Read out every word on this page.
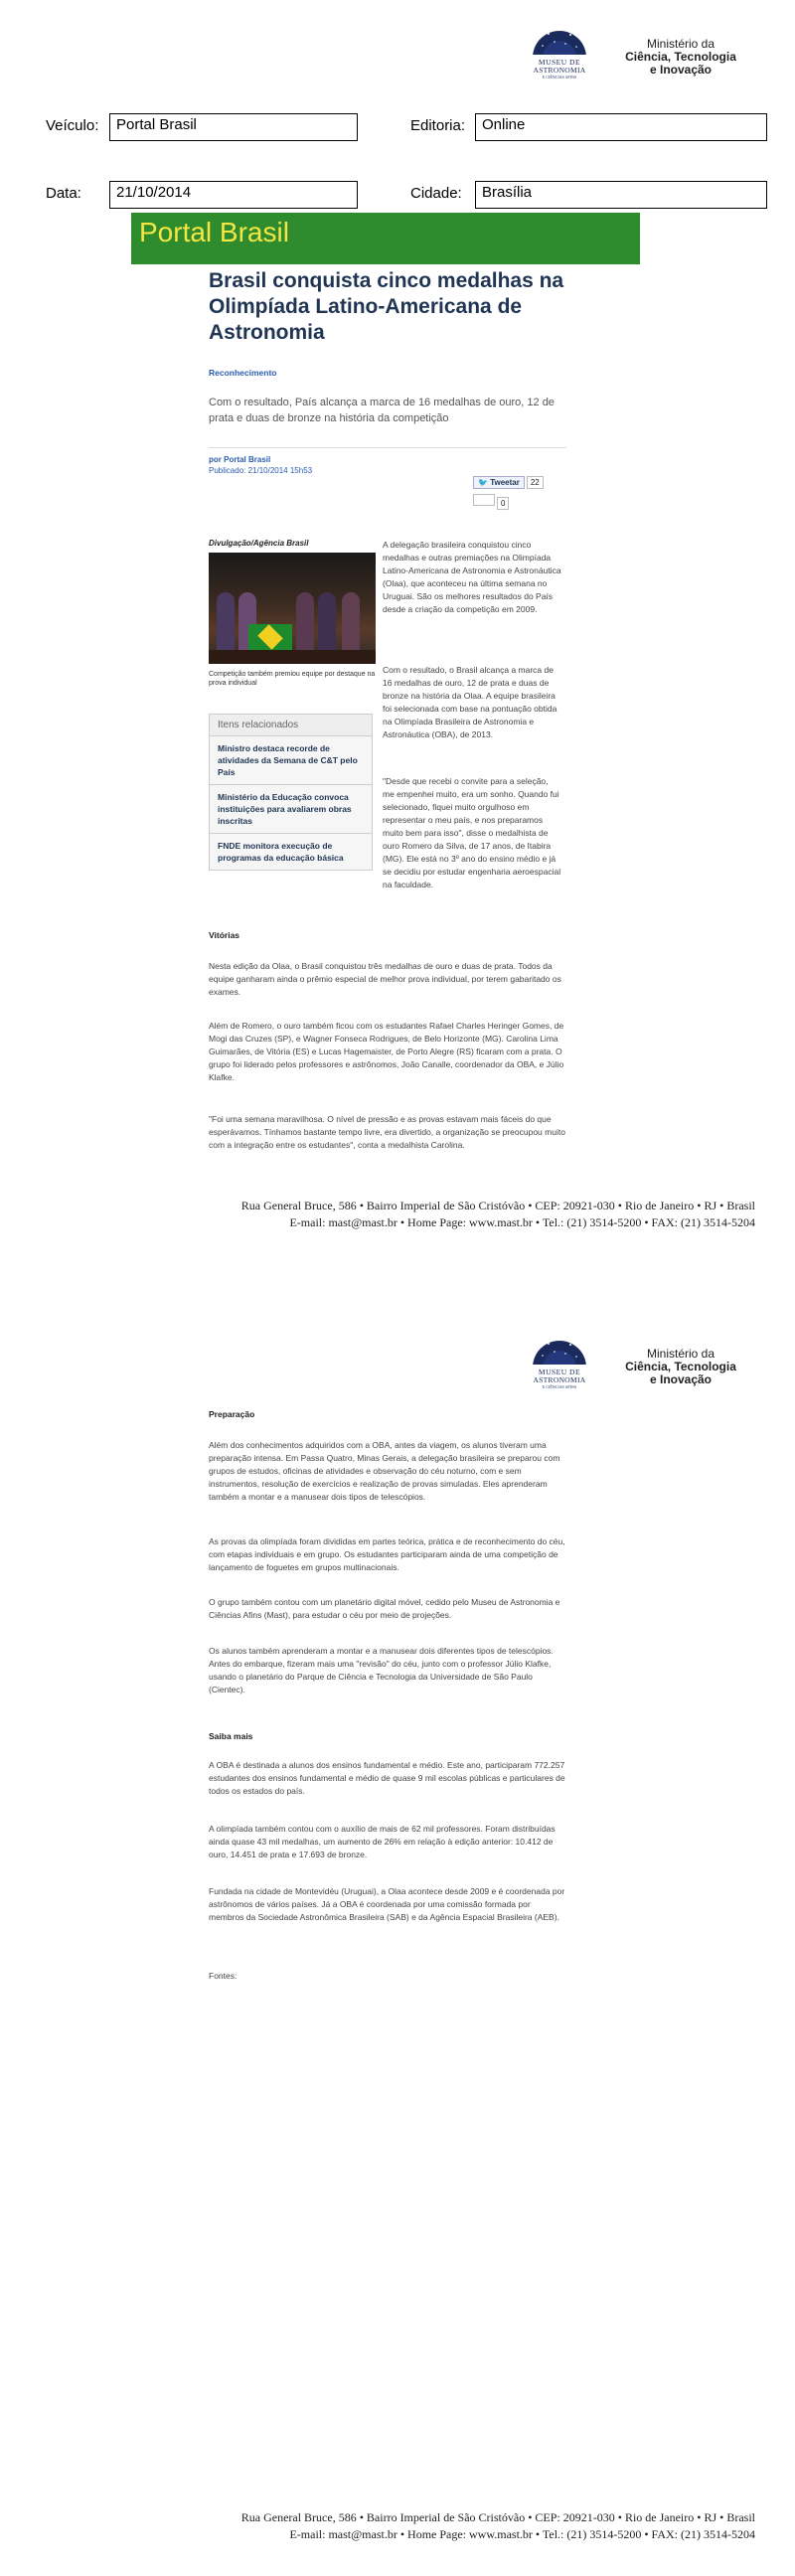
MUSEU DE
ASTRONOMIA
E CIÊNCIAS AFINS
Ministério da
Ciência, Tecnologia
e Inovação
Veículo:	Portal Brasil	Editoria:	Online
Data:	21/10/2014	Cidade:	Brasília
Portal Brasil
Brasil conquista cinco medalhas na Olimpíada Latino-Americana de Astronomia
Reconhecimento
Com o resultado, País alcança a marca de 16 medalhas de ouro, 12 de prata e duas de bronze na história da competição
por Portal Brasil
Publicado: 21/10/2014 15h53
🐦 Tweetar 22
0
Divulgação/Agência Brasil
Competição também premiou equipe por destaque na prova individual
Itens relacionados
Ministro destaca recorde de atividades da Semana de C&T pelo País
Ministério da Educação convoca instituições para avaliarem obras inscritas
FNDE monitora execução de programas da educação básica
A delegação brasileira conquistou cinco medalhas e outras premiações na Olimpíada Latino-Americana de Astronomia e Astronáutica (Olaa), que aconteceu na última semana no Uruguai. São os melhores resultados do País desde a criação da competição em 2009.
Com o resultado, o Brasil alcança a marca de 16 medalhas de ouro, 12 de prata e duas de bronze na história da Olaa. A equipe brasileira foi selecionada com base na pontuação obtida na Olimpíada Brasileira de Astronomia e Astronáutica (OBA), de 2013.
"Desde que recebi o convite para a seleção, me empenhei muito, era um sonho. Quando fui selecionado, fiquei muito orgulhoso em representar o meu país, e nos preparamos muito bem para isso", disse o medalhista de ouro Romero da Silva, de 17 anos, de Itabira (MG). Ele está no 3º ano do ensino médio e já se decidiu por estudar engenharia aeroespacial na faculdade.
Vitórias
Nesta edição da Olaa, o Brasil conquistou três medalhas de ouro e duas de prata. Todos da equipe ganharam ainda o prêmio especial de melhor prova individual, por terem gabaritado os exames.
Além de Romero, o ouro também ficou com os estudantes Rafael Charles Heringer Gomes, de Mogi das Cruzes (SP), e Wagner Fonseca Rodrigues, de Belo Horizonte (MG). Carolina Lima Guimarães, de Vitória (ES) e Lucas Hagemaister, de Porto Alegre (RS) ficaram com a prata. O grupo foi liderado pelos professores e astrônomos, João Canalle, coordenador da OBA, e Júlio Klafke.
"Foi uma semana maravilhosa. O nível de pressão e as provas estavam mais fáceis do que esperávamos. Tínhamos bastante tempo livre, era divertido, a organização se preocupou muito com a integração entre os estudantes", conta a medalhista Carolina.
Rua General Bruce, 586 • Bairro Imperial de São Cristóvão • CEP: 20921-030 • Rio de Janeiro • RJ • Brasil
E-mail: mast@mast.br • Home Page: www.mast.br • Tel.: (21) 3514-5200 • FAX: (21) 3514-5204
MUSEU DE
ASTRONOMIA
E CIÊNCIAS AFINS
Ministério da
Ciência, Tecnologia
e Inovação
Preparação
Além dos conhecimentos adquiridos com a OBA, antes da viagem, os alunos tiveram uma preparação intensa. Em Passa Quatro, Minas Gerais, a delegação brasileira se preparou com grupos de estudos, oficinas de atividades e observação do céu noturno, com e sem instrumentos, resolução de exercícios e realização de provas simuladas. Eles aprenderam também a montar e a manusear dois tipos de telescópios.
As provas da olimpíada foram divididas em partes teórica, prática e de reconhecimento do céu, com etapas individuais e em grupo. Os estudantes participaram ainda de uma competição de lançamento de foguetes em grupos multinacionais.
O grupo também contou com um planetário digital móvel, cedido pelo Museu de Astronomia e Ciências Afins (Mast), para estudar o céu por meio de projeções.
Os alunos também aprenderam a montar e a manusear dois diferentes tipos de telescópios. Antes do embarque, fizeram mais uma "revisão" do céu, junto com o professor Júlio Klafke, usando o planetário do Parque de Ciência e Tecnologia da Universidade de São Paulo (Cientec).
Saiba mais
A OBA é destinada a alunos dos ensinos fundamental e médio. Este ano, participaram 772.257 estudantes dos ensinos fundamental e médio de quase 9 mil escolas públicas e particulares de todos os estados do país.
A olimpíada também contou com o auxílio de mais de 62 mil professores. Foram distribuídas ainda quase 43 mil medalhas, um aumento de 26% em relação à edição anterior: 10.412 de ouro, 14.451 de prata e 17.693 de bronze.
Fundada na cidade de Montevidéu (Uruguai), a Olaa acontece desde 2009 e é coordenada por astrônomos de vários países. Já a OBA é coordenada por uma comissão formada por membros da Sociedade Astronômica Brasileira (SAB) e da Agência Espacial Brasileira (AEB).
Fontes:
Rua General Bruce, 586 • Bairro Imperial de São Cristóvão • CEP: 20921-030 • Rio de Janeiro • RJ • Brasil
E-mail: mast@mast.br • Home Page: www.mast.br • Tel.: (21) 3514-5200 • FAX: (21) 3514-5204
